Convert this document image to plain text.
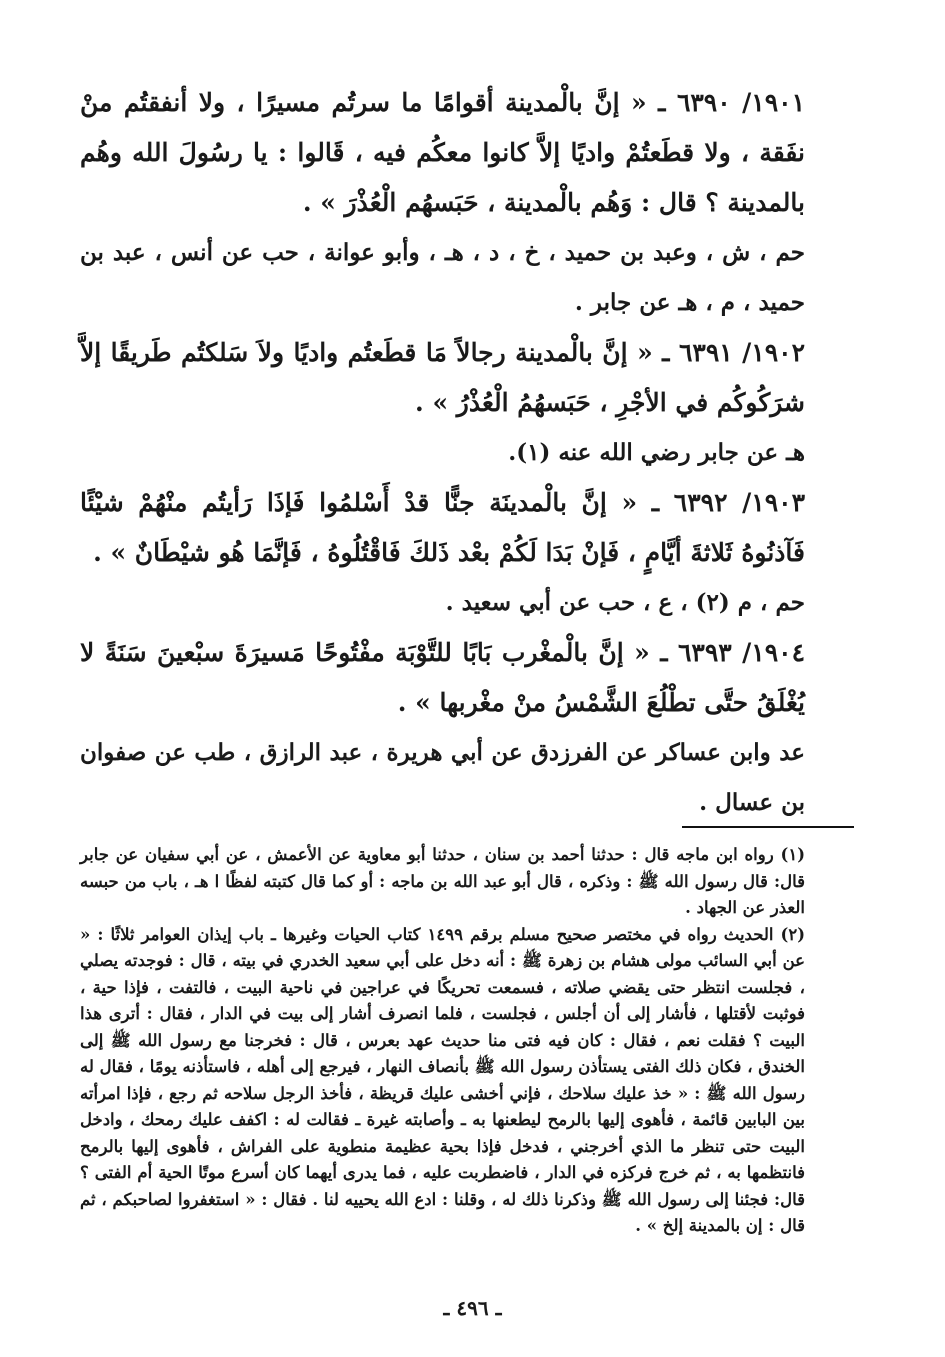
١٩٠١/ ٦٣٩٠ ـ « إنَّ بالْمدينة أقوامًا ما سرتُم مسيرًا ، ولا أنفقتُم منْ نفَقة ، ولا قطَعتُمْ واديًا إلاَّ كانوا معكُم فيه ، قَالوا : يا رسُولَ الله وهُم بالمدينة ؟ قال : وَهُم بالْمدينة ، حَبَسهُم الْعُذْرَ » .

حم ، ش ، وعبد بن حميد ، خ ، د ، هـ ، وأبو عوانة ، حب عن أنس ، عبد بن حميد ، م ، هـ عن جابر .

١٩٠٢/ ٦٣٩١ ـ « إنَّ بالْمدينة رجالاً مَا قطَعتُم واديًا ولاَ سَلكتُم طَريقًا إلاَّ شرَكُوكُم في الأجْرِ ، حَبَسهُمُ الْعُذْرُ » .

هـ عن جابر رضي الله عنه (١).

١٩٠٣/ ٦٣٩٢ ـ « إنَّ بالْمدينَة جنًّا قدْ أَسْلمُوا فَإذَا رَأيتُم منْهُمْ شيْئًا فَآذنُوهُ ثَلاثةَ أيَّامٍ ، فَإنْ بَدَا لَكُمْ بعْد ذَلكَ فَاقْتُلُوهُ ، فَإنَّمَا هُو شيْطَانٌ » .

حم ، م (٢) ، ع ، حب عن أبي سعيد .

١٩٠٤/ ٦٣٩٣ ـ « إنَّ بالْمغْرب بَابًا للتَّوْبَة مفْتُوحًا مَسيرَةَ سبْعينَ سَنَةً لا يُغْلَقُ حتَّى تطْلُعَ الشَّمْسُ منْ مغْربها » .

عد وابن عساكر عن الفرزدق عن أبي هريرة ، عبد الرازق ، طب عن صفوان بن عسال .

(١) رواه ابن ماجه قال : حدثنا أحمد بن سنان ، حدثنا أبو معاوية عن الأعمش ، عن أبي سفيان عن جابر قال: قال رسول الله ﷺ : وذكره ، قال أبو عبد الله بن ماجه : أو كما قال كتبته لفظًا ا هـ ، باب من حبسه العذر عن الجهاد .

(٢) الحديث رواه في مختصر صحيح مسلم برقم ١٤٩٩ كتاب الحيات وغيرها ـ باب إيذان العوامر ثلاثًا : « عن أبي السائب مولى هشام بن زهرة ﷺ : أنه دخل على أبي سعيد الخدري في بيته ، قال : فوجدته يصلي ، فجلست انتظر حتى يقضي صلاته ، فسمعت تحريكًا في عراجين في ناحية البيت ، فالتفت ، فإذا حية ، فوثبت لأقتلها ، فأشار إلى أن أجلس ، فجلست ، فلما انصرف أشار إلى بيت في الدار ، فقال : أترى هذا البيت ؟ فقلت نعم ، فقال : كان فيه فتى منا حديث عهد بعرس ، قال : فخرجنا مع رسول الله ﷺ إلى الخندق ، فكان ذلك الفتى يستأذن رسول الله ﷺ بأنصاف النهار ، فيرجع إلى أهله ، فاستأذنه يومًا ، فقال له رسول الله ﷺ : « خذ عليك سلاحك ، فإني أخشى عليك قريظة ، فأخذ الرجل سلاحه ثم رجع ، فإذا امرأته بين البابين قائمة ، فأهوى إليها بالرمح ليطعنها به ـ وأصابته غيرة ـ فقالت له : اكفف عليك رمحك ، وادخل البيت حتى تنظر ما الذي أخرجني ، فدخل فإذا بحية عظيمة منطوية على الفراش ، فأهوى إليها بالرمح فانتظمها به ، ثم خرج فركزه في الدار ، فاضطربت عليه ، فما يدرى أيهما كان أسرع موتًا الحية أم الفتى ؟ قال: فجئنا إلى رسول الله ﷺ وذكرنا ذلك له ، وقلنا : ادع الله يحييه لنا . فقال : « استغفروا لصاحبكم ، ثم قال : إن بالمدينة إلخ » .

ـ ٤٩٦ ـ
